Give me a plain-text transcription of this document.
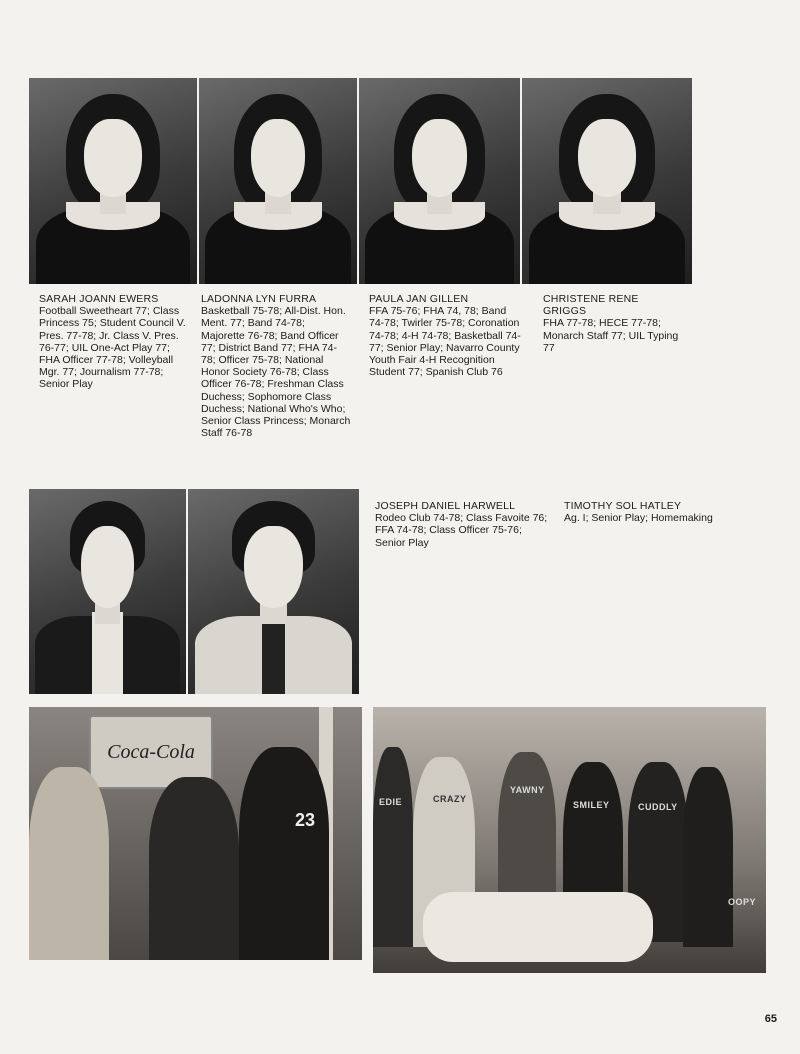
SARAH JOANN EWERS
Football Sweetheart 77; Class Princess 75; Student Council V. Pres. 77-78; Jr. Class V. Pres. 76-77; UIL One-Act Play 77; FHA Officer 77-78; Volleyball Mgr. 77; Journalism 77-78; Senior Play
LADONNA LYN FURRA
Basketball 75-78; All-Dist. Hon. Ment. 77; Band 74-78; Majorette 76-78; Band Officer 77; District Band 77; FHA 74-78; Officer 75-78; National Honor Society 76-78; Class Officer 76-78; Freshman Class Duchess; Sophomore Class Duchess; National Who's Who; Senior Class Princess; Monarch Staff 76-78
PAULA JAN GILLEN
FFA 75-76; FHA 74, 78; Band 74-78; Twirler 75-78; Coronation 74-78; 4-H 74-78; Basketball 74-77; Senior Play; Navarro County Youth Fair 4-H Recognition Student 77; Spanish Club 76
CHRISTENE RENE GRIGGS
FHA 77-78; HECE 77-78; Monarch Staff 77; UIL Typing 77
JOSEPH DANIEL HARWELL
Rodeo Club 74-78; Class Favoite 76; FFA 74-78; Class Officer 75-76; Senior Play
TIMOTHY SOL HATLEY
Ag. I; Senior Play; Homemaking
Coca-Cola
23
EDIE	CRAZY
YAWNY
SMILEY	CUDDLY
OOPY
65
